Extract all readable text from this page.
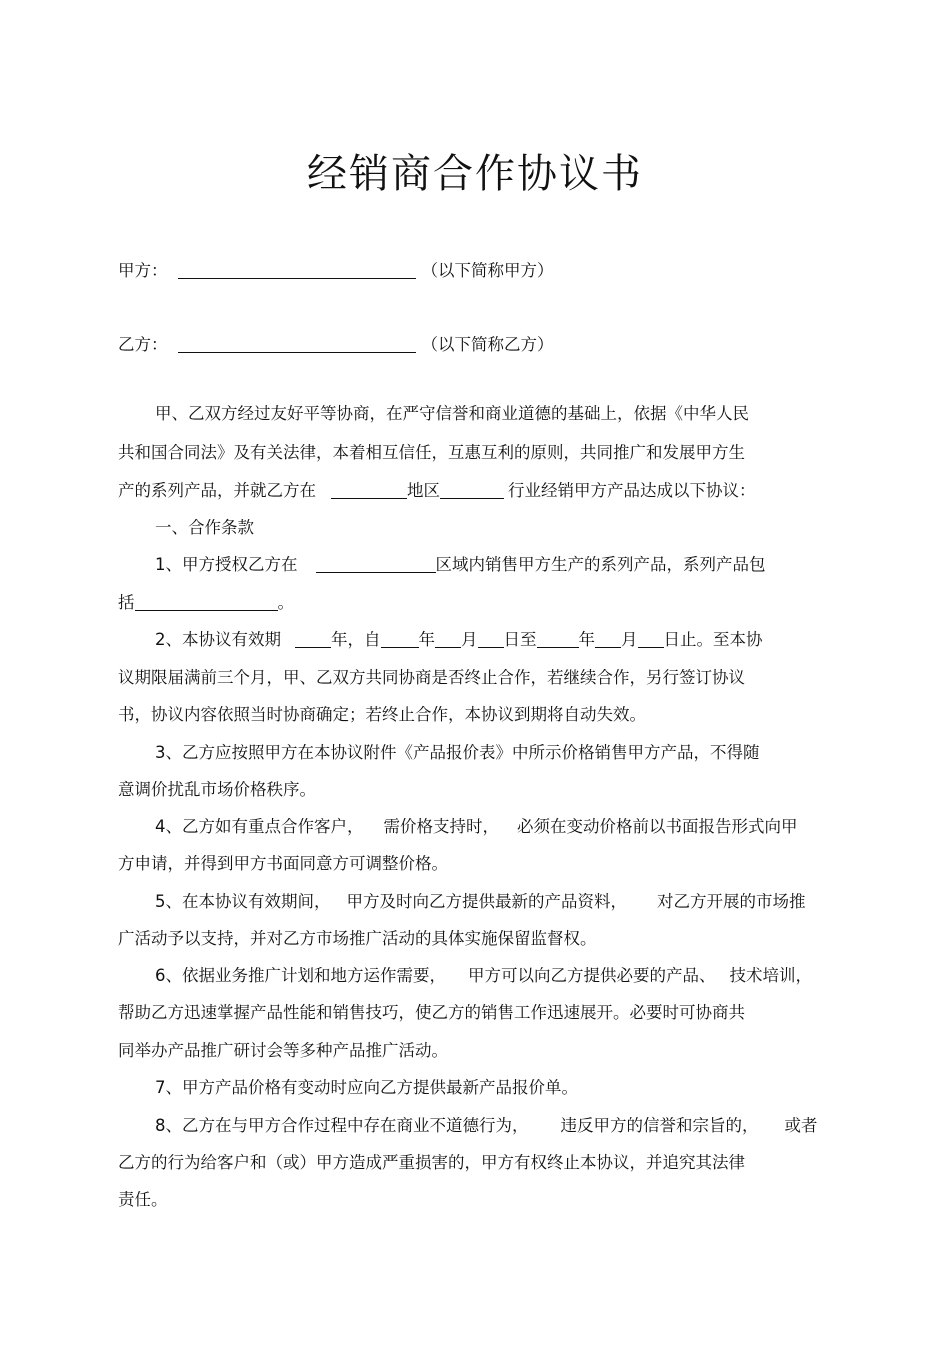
经销商合作协议书
甲方：	（以下简称甲方）
乙方：	（以下简称乙方）
甲、乙双方经过友好平等协商，在严守信誉和商业道德的基础上，依据《中华人民
共和国合同法》及有关法律，本着相互信任，互惠互利的原则，共同推广和发展甲方生
产的系列产品，并就乙方在	地区	行业经销甲方产品达成以下协议：
一、合作条款
1、甲方授权乙方在	区域内销售甲方生产的系列产品，系列产品包
括	。
2、本协议有效期	年，自 年 月 日至	年 月 日止。至本协
议期限届满前三个月，甲、乙双方共同协商是否终止合作，若继续合作，另行签订协议
书，协议内容依照当时协商确定；若终止合作，本协议到期将自动失效。
3、乙方应按照甲方在本协议附件《产品报价表》中所示价格销售甲方产品，不得随
意调价扰乱市场价格秩序。
4、乙方如有重点合作客户， 需价格支持时， 必须在变动价格前以书面报告形式向甲
方申请，并得到甲方书面同意方可调整价格。
5、在本协议有效期间， 甲方及时向乙方提供最新的产品资料， 对乙方开展的市场推
广活动予以支持，并对乙方市场推广活动的具体实施保留监督权。
6、依据业务推广计划和地方运作需要， 甲方可以向乙方提供必要的产品、 技术培训，
帮助乙方迅速掌握产品性能和销售技巧，使乙方的销售工作迅速展开。必要时可协商共
同举办产品推广研讨会等多种产品推广活动。
7、甲方产品价格有变动时应向乙方提供最新产品报价单。
8、乙方在与甲方合作过程中存在商业不道德行为， 违反甲方的信誉和宗旨的， 或者
乙方的行为给客户和（或）甲方造成严重损害的，甲方有权终止本协议，并追究其法律
责任。
